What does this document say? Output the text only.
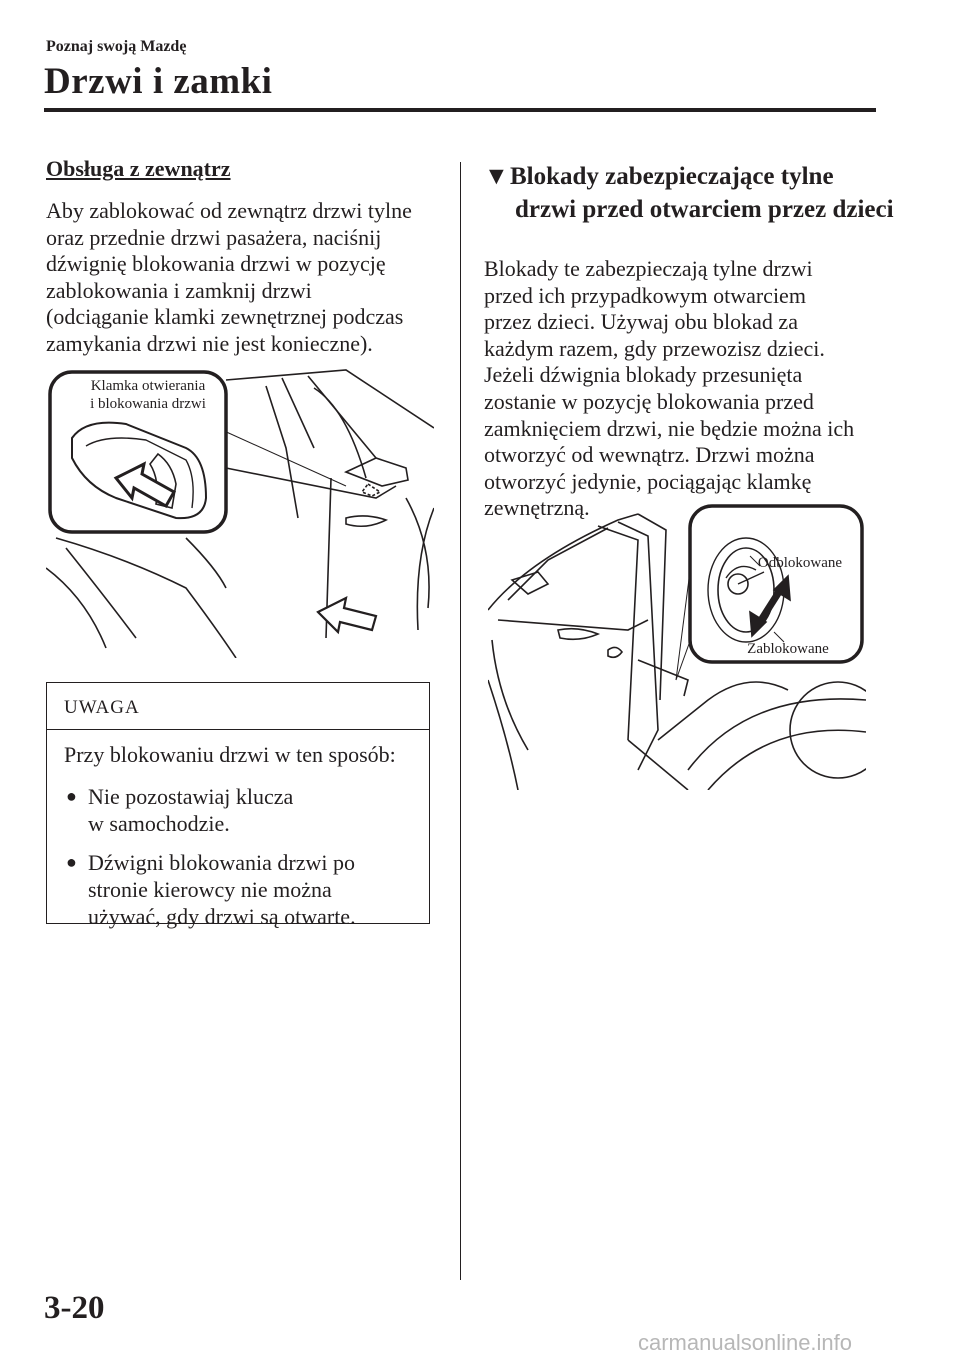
Poznaj swoją Mazdę
Drzwi i zamki
Obsługa z zewnątrz
Aby zablokować od zewnątrz drzwi tylne
oraz przednie drzwi pasażera, naciśnij
dźwignię blokowania drzwi w pozycję
zablokowania i zamknij drzwi
(odciąganie klamki zewnętrznej podczas
zamykania drzwi nie jest konieczne).
Klamka otwierania
i blokowania drzwi
UWAGA
Przy blokowaniu drzwi w ten sposób:
● Nie pozostawiaj klucza
w samochodzie.
● Dźwigni blokowania drzwi po
stronie kierowcy nie można
używać, gdy drzwi są otwarte.
▼Blokady zabezpieczające tylne
drzwi przed otwarciem przez dzieci
Blokady te zabezpieczają tylne drzwi
przed ich przypadkowym otwarciem
przez dzieci. Używaj obu blokad za
każdym razem, gdy przewozisz dzieci.
Jeżeli dźwignia blokady przesunięta
zostanie w pozycję blokowania przed
zamknięciem drzwi, nie będzie można ich
otworzyć od wewnątrz. Drzwi można
otworzyć jedynie, pociągając klamkę
zewnętrzną.
Odblokowane
Zablokowane
3-20
carmanualsonline.info
